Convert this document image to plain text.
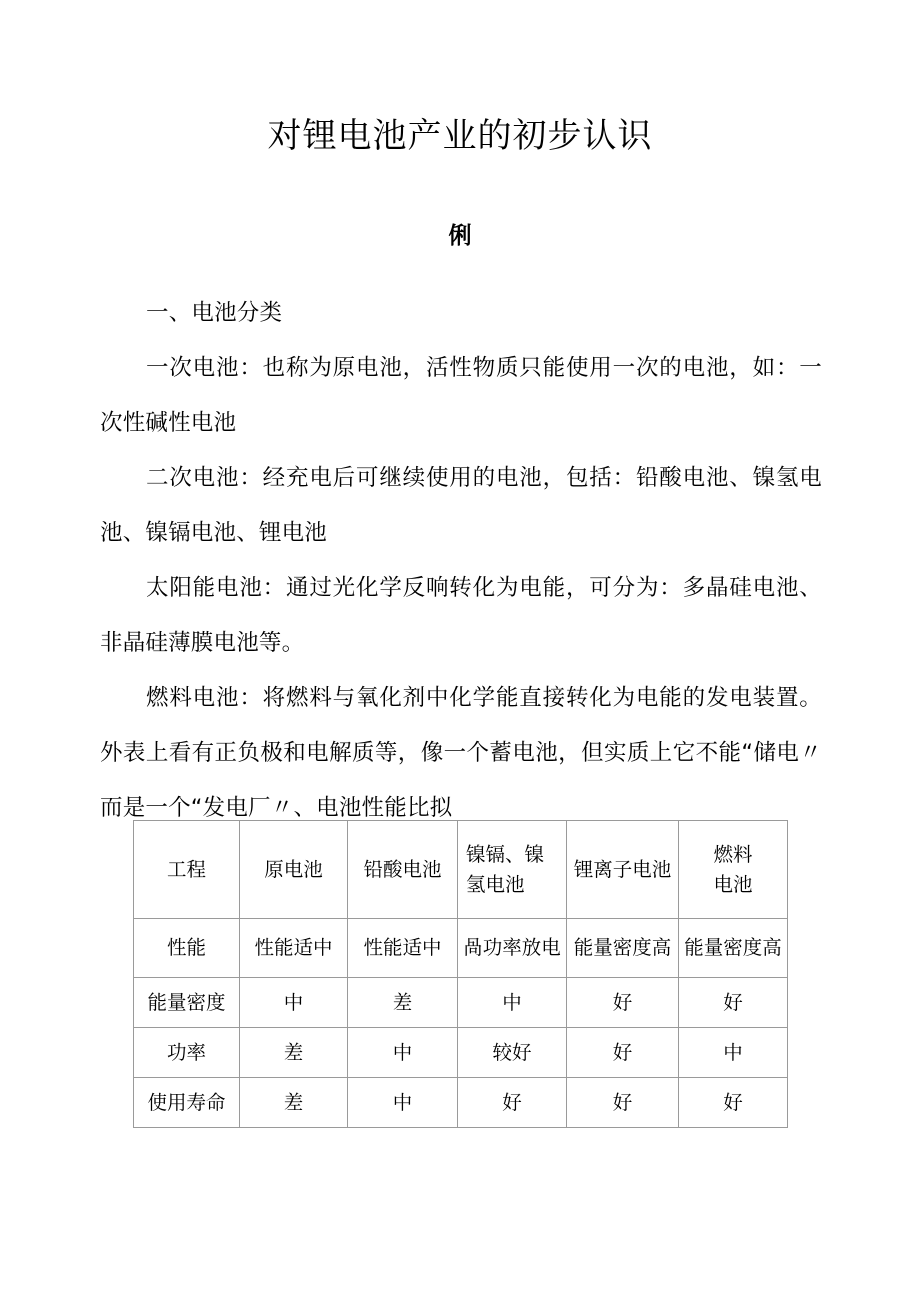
对锂电池产业的初步认识
俐

一、电池分类

一次电池：也称为原电池，活性物质只能使用一次的电池，如：一次性碱性电池

二次电池：经充电后可继续使用的电池，包括：铅酸电池、镍氢电池、镍镉电池、锂电池

太阳能电池：通过光化学反响转化为电能，可分为：多晶硅电池、非晶硅薄膜电池等。

燃料电池：将燃料与氧化剂中化学能直接转化为电能的发电装置。外表上看有正负极和电解质等，像一个蓄电池，但实质上它不能“储电〃而是一个“发电厂〃、电池性能比拟

工程	原电池	铅酸电池	镍镉、镍氢电池	锂离子电池	燃料
电池

性能	性能适中	性能适中	咼功率放电	能量密度高	能量密度高
能量密度	中	差	中	好	好
功率	差	中	较好	好	中
使用寿命	差	中	好	好	好
